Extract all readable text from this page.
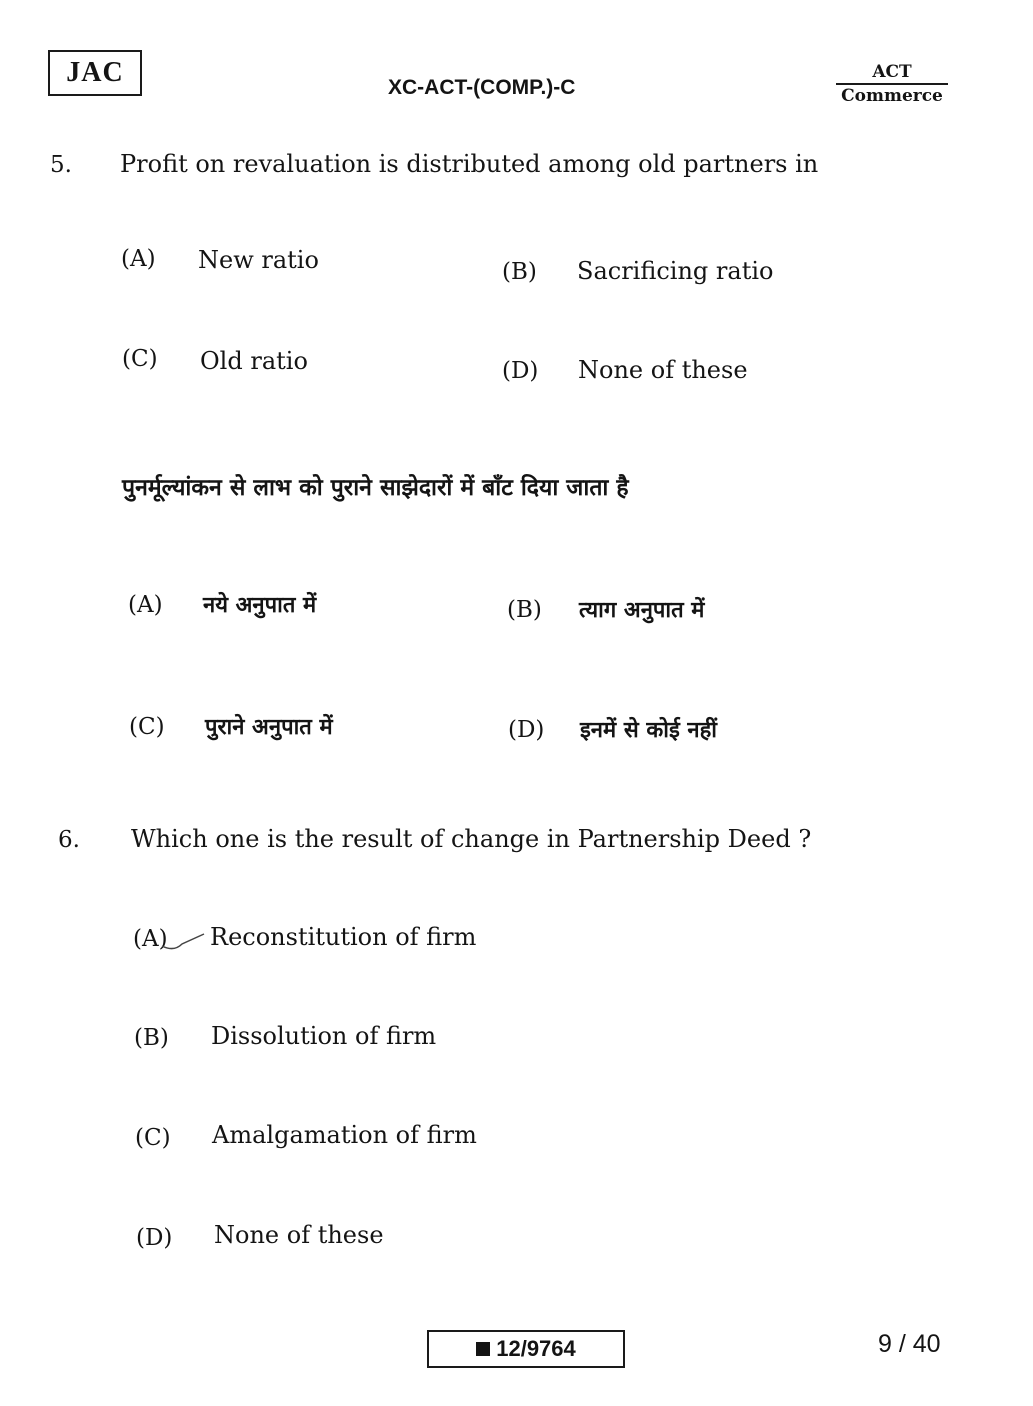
JAC	XC-ACT-(COMP.)-C
ACT
Commerce
5. Profit on revaluation is distributed among old partners in
(A) New ratio	(B) Sacrificing ratio
(C) Old ratio	(D) None of these
पुनर्मूल्यांकन से लाभ को पुराने साझेदारों में बाँट दिया जाता है
(A) नये अनुपात में	(B) त्याग अनुपात में
(C) पुराने अनुपात में	(D) इनमें से कोई नहीं
6. Which one is the result of change in Partnership Deed ?
(A) Reconstitution of firm
(B) Dissolution of firm
(C) Amalgamation of firm
(D) None of these
12/9764	9 / 40
